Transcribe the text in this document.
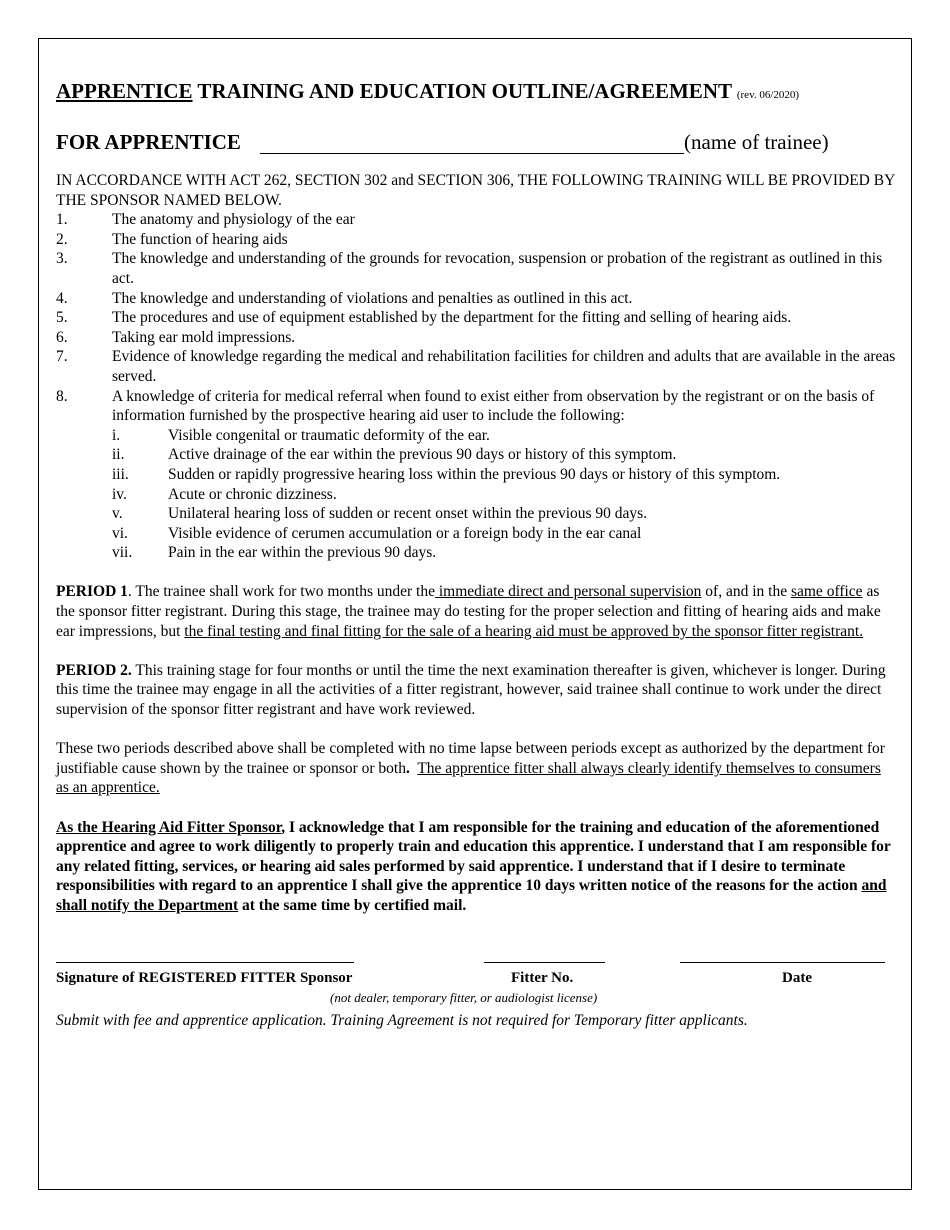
APPRENTICE TRAINING AND EDUCATION OUTLINE/AGREEMENT (rev. 06/2020)
FOR APPRENTICE	(name of trainee)
IN ACCORDANCE WITH ACT 262, SECTION 302 and SECTION 306, THE FOLLOWING TRAINING WILL BE PROVIDED BY THE SPONSOR NAMED BELOW.
1.	The anatomy and physiology of the ear
2.	The function of hearing aids
3.	The knowledge and understanding of the grounds for revocation, suspension or probation of the registrant as outlined in this act.
4.	The knowledge and understanding of violations and penalties as outlined in this act.
5.	The procedures and use of equipment established by the department for the fitting and selling of hearing aids.
6.	Taking ear mold impressions.
7.	Evidence of knowledge regarding the medical and rehabilitation facilities for children and adults that are available in the areas served.
8.	A knowledge of criteria for medical referral when found to exist either from observation by the registrant or on the basis of information furnished by the prospective hearing aid user to include the following:
i.	Visible congenital or traumatic deformity of the ear.
ii.	Active drainage of the ear within the previous 90 days or history of this symptom.
iii.	Sudden or rapidly progressive hearing loss within the previous 90 days or history of this symptom.
iv.	Acute or chronic dizziness.
v.	Unilateral hearing loss of sudden or recent onset within the previous 90 days.
vi.	Visible evidence of cerumen accumulation or a foreign body in the ear canal
vii.	Pain in the ear within the previous 90 days.
PERIOD 1. The trainee shall work for two months under the immediate direct and personal supervision of, and in the same office as the sponsor fitter registrant. During this stage, the trainee may do testing for the proper selection and fitting of hearing aids and make ear impressions, but the final testing and final fitting for the sale of a hearing aid must be approved by the sponsor fitter registrant.
PERIOD 2. This training stage for four months or until the time the next examination thereafter is given, whichever is longer. During this time the trainee may engage in all the activities of a fitter registrant, however, said trainee shall continue to work under the direct supervision of the sponsor fitter registrant and have work reviewed.
These two periods described above shall be completed with no time lapse between periods except as authorized by the department for justifiable cause shown by the trainee or sponsor or both. The apprentice fitter shall always clearly identify themselves to consumers as an apprentice.
As the Hearing Aid Fitter Sponsor, I acknowledge that I am responsible for the training and education of the aforementioned apprentice and agree to work diligently to properly train and education this apprentice. I understand that I am responsible for any related fitting, services, or hearing aid sales performed by said apprentice. I understand that if I desire to terminate responsibilities with regard to an apprentice I shall give the apprentice 10 days written notice of the reasons for the action and shall notify the Department at the same time by certified mail.
Signature of REGISTERED FITTER Sponsor	Fitter No.	Date
(not dealer, temporary fitter, or audiologist license)
Submit with fee and apprentice application. Training Agreement is not required for Temporary fitter applicants.
